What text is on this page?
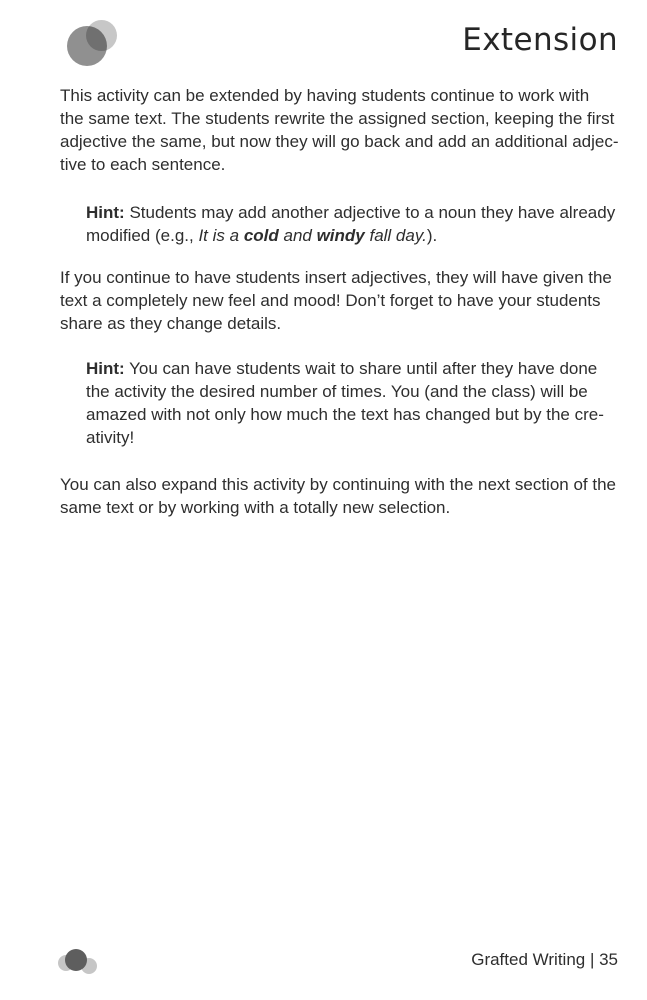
Extension
This activity can be extended by having students continue to work with
the same text. The students rewrite the assigned section, keeping the first
adjective the same, but now they will go back and add an additional adjec-
tive to each sentence.
Hint: Students may add another adjective to a noun they have already
modified (e.g., It is a cold and windy fall day.).
If you continue to have students insert adjectives, they will have given the
text a completely new feel and mood! Don’t forget to have your students
share as they change details.
Hint: You can have students wait to share until after they have done
the activity the desired number of times. You (and the class) will be
amazed with not only how much the text has changed but by the cre-
ativity!
You can also expand this activity by continuing with the next section of the
same text or by working with a totally new selection.
Grafted Writing | 35
